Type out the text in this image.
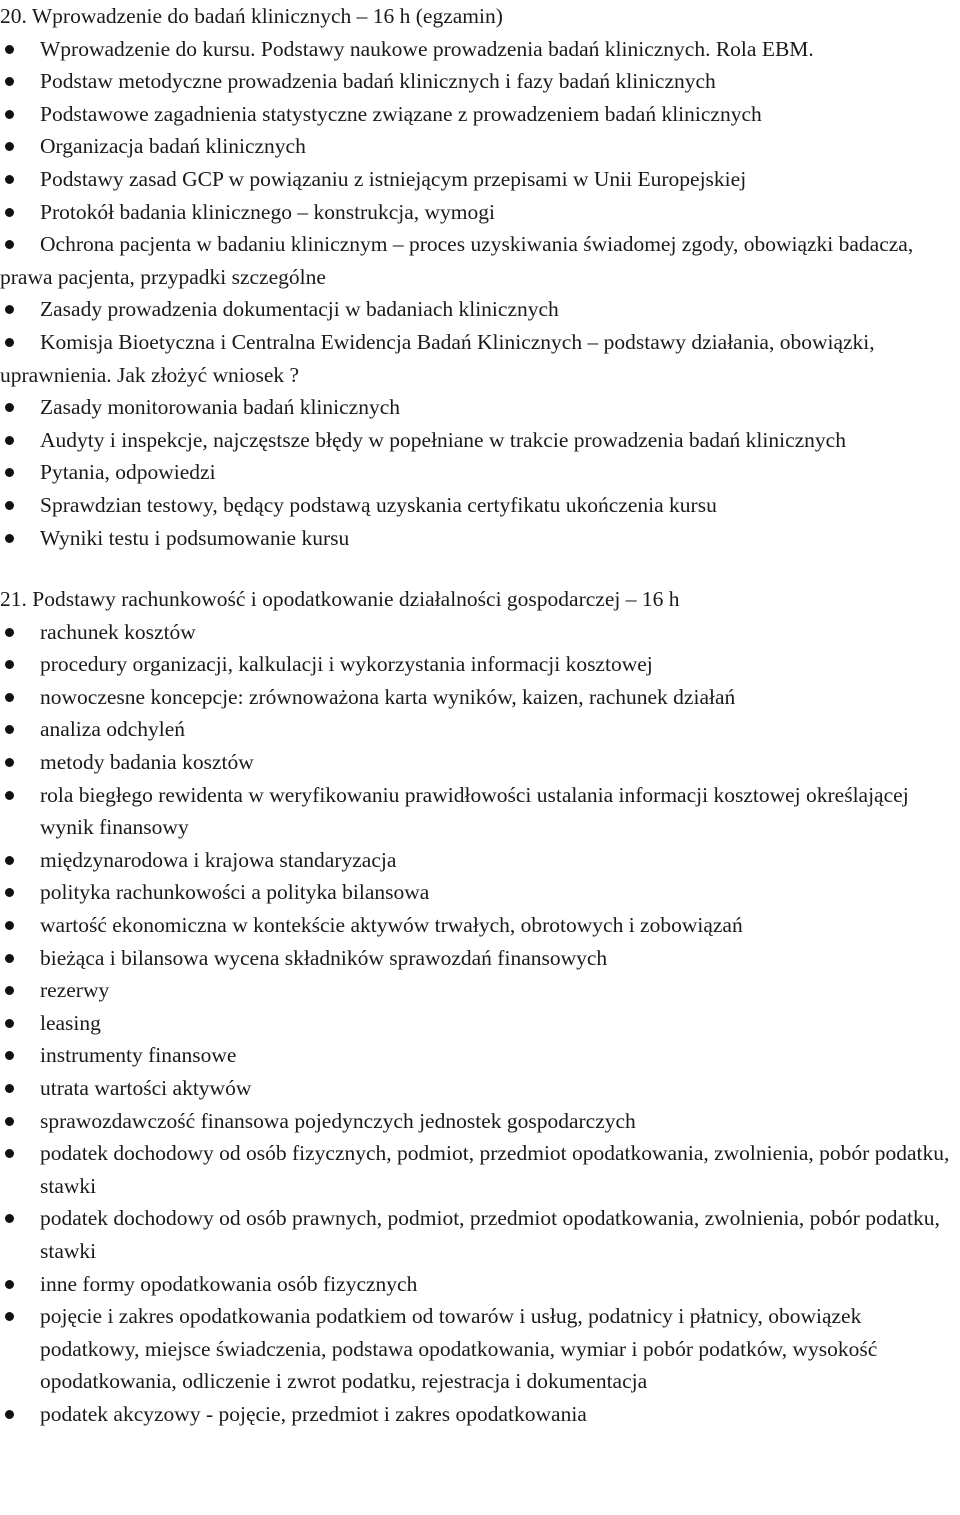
20. Wprowadzenie do badań klinicznych – 16 h (egzamin)
Wprowadzenie do kursu. Podstawy naukowe prowadzenia badań klinicznych. Rola EBM.
Podstaw metodyczne prowadzenia badań klinicznych i fazy badań klinicznych
Podstawowe zagadnienia statystyczne związane z prowadzeniem badań klinicznych
Organizacja badań klinicznych
Podstawy zasad GCP w powiązaniu z istniejącym przepisami w Unii Europejskiej
Protokół badania klinicznego – konstrukcja, wymogi
Ochrona pacjenta w badaniu klinicznym – proces uzyskiwania świadomej zgody, obowiązki badacza, prawa pacjenta, przypadki szczególne
Zasady prowadzenia dokumentacji w badaniach klinicznych
Komisja Bioetyczna i Centralna Ewidencja Badań Klinicznych – podstawy działania, obowiązki, uprawnienia. Jak złożyć wniosek ?
Zasady monitorowania badań klinicznych
Audyty i inspekcje, najczęstsze błędy w popełniane w trakcie prowadzenia badań klinicznych
Pytania, odpowiedzi
Sprawdzian testowy, będący podstawą uzyskania certyfikatu ukończenia kursu
Wyniki testu i podsumowanie kursu
21. Podstawy rachunkowość i opodatkowanie działalności gospodarczej – 16 h
rachunek kosztów
procedury organizacji, kalkulacji i wykorzystania informacji kosztowej
nowoczesne koncepcje: zrównoważona karta wyników, kaizen, rachunek działań
analiza odchyleń
metody badania kosztów
rola biegłego rewidenta w weryfikowaniu prawidłowości ustalania informacji kosztowej określającej wynik finansowy
międzynarodowa i krajowa standaryzacja
polityka rachunkowości a polityka bilansowa
wartość ekonomiczna w kontekście aktywów trwałych, obrotowych i zobowiązań
bieżąca i bilansowa wycena składników sprawozdań finansowych
rezerwy
leasing
instrumenty finansowe
utrata wartości aktywów
sprawozdawczość finansowa pojedynczych jednostek gospodarczych
podatek dochodowy od osób fizycznych, podmiot, przedmiot opodatkowania, zwolnienia, pobór podatku, stawki
podatek dochodowy od osób prawnych, podmiot, przedmiot opodatkowania, zwolnienia, pobór podatku, stawki
inne formy opodatkowania osób fizycznych
pojęcie i zakres opodatkowania podatkiem od towarów i usług, podatnicy i płatnicy, obowiązek podatkowy, miejsce świadczenia, podstawa opodatkowania, wymiar i pobór podatków, wysokość opodatkowania, odliczenie i zwrot podatku, rejestracja i dokumentacja
podatek akcyzowy - pojęcie, przedmiot i zakres opodatkowania
